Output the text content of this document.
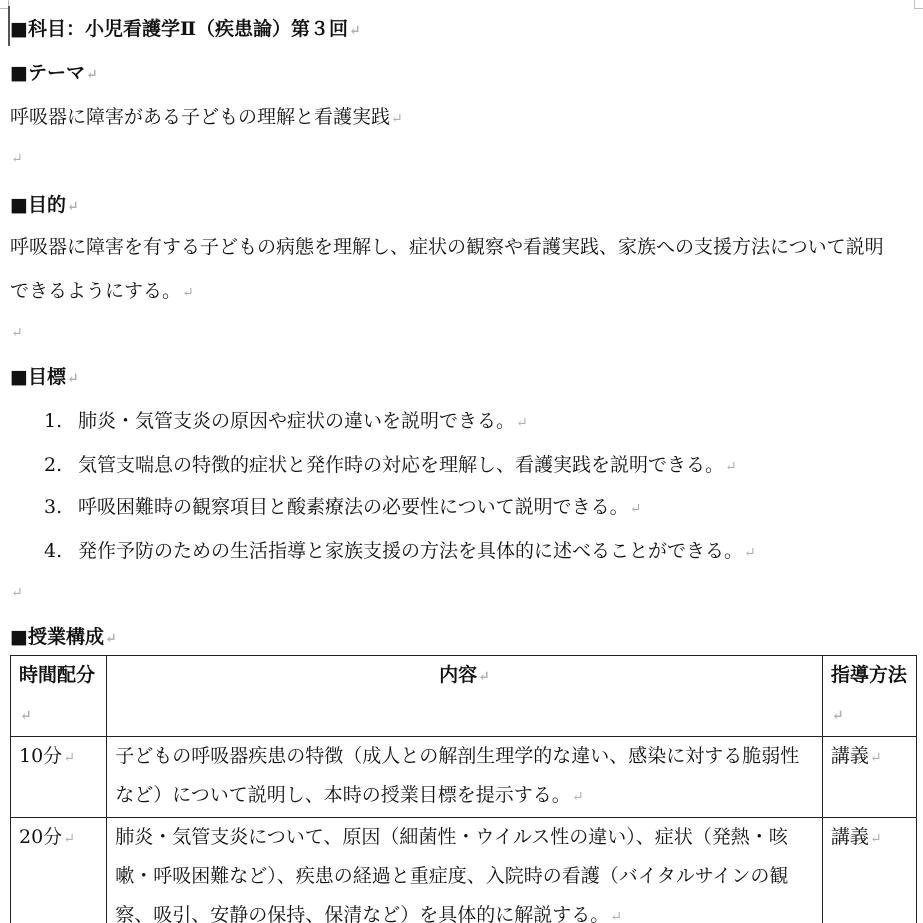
■科目：小児看護学Ⅱ（疾患論）第３回↵
■テーマ↵
呼吸器に障害がある子どもの理解と看護実践↵
↵
■目的↵
呼吸器に障害を有する子どもの病態を理解し、症状の観察や看護実践、家族への支援方法について説明
できるようにする。↵
↵
■目標↵
1. 肺炎・気管支炎の原因や症状の違いを説明できる。↵
2. 気管支喘息の特徴的症状と発作時の対応を理解し、看護実践を説明できる。↵
3. 呼吸困難時の観察項目と酸素療法の必要性について説明できる。↵
4. 発作予防のための生活指導と家族支援の方法を具体的に述べることができる。↵
↵
■授業構成↵
時間配分↵	内容↵	指導方法↵
10分↵	子どもの呼吸器疾患の特徴（成人との解剖生理学的な違い、感染に対する脆弱性など）について説明し、本時の授業目標を提示する。↵	講義↵
20分↵	肺炎・気管支炎について、原因（細菌性・ウイルス性の違い）、症状（発熱・咳嗽・呼吸困難など）、疾患の経過と重症度、入院時の看護（バイタルサインの観察、吸引、安静の保持、保清など）を具体的に解説する。↵	講義↵
